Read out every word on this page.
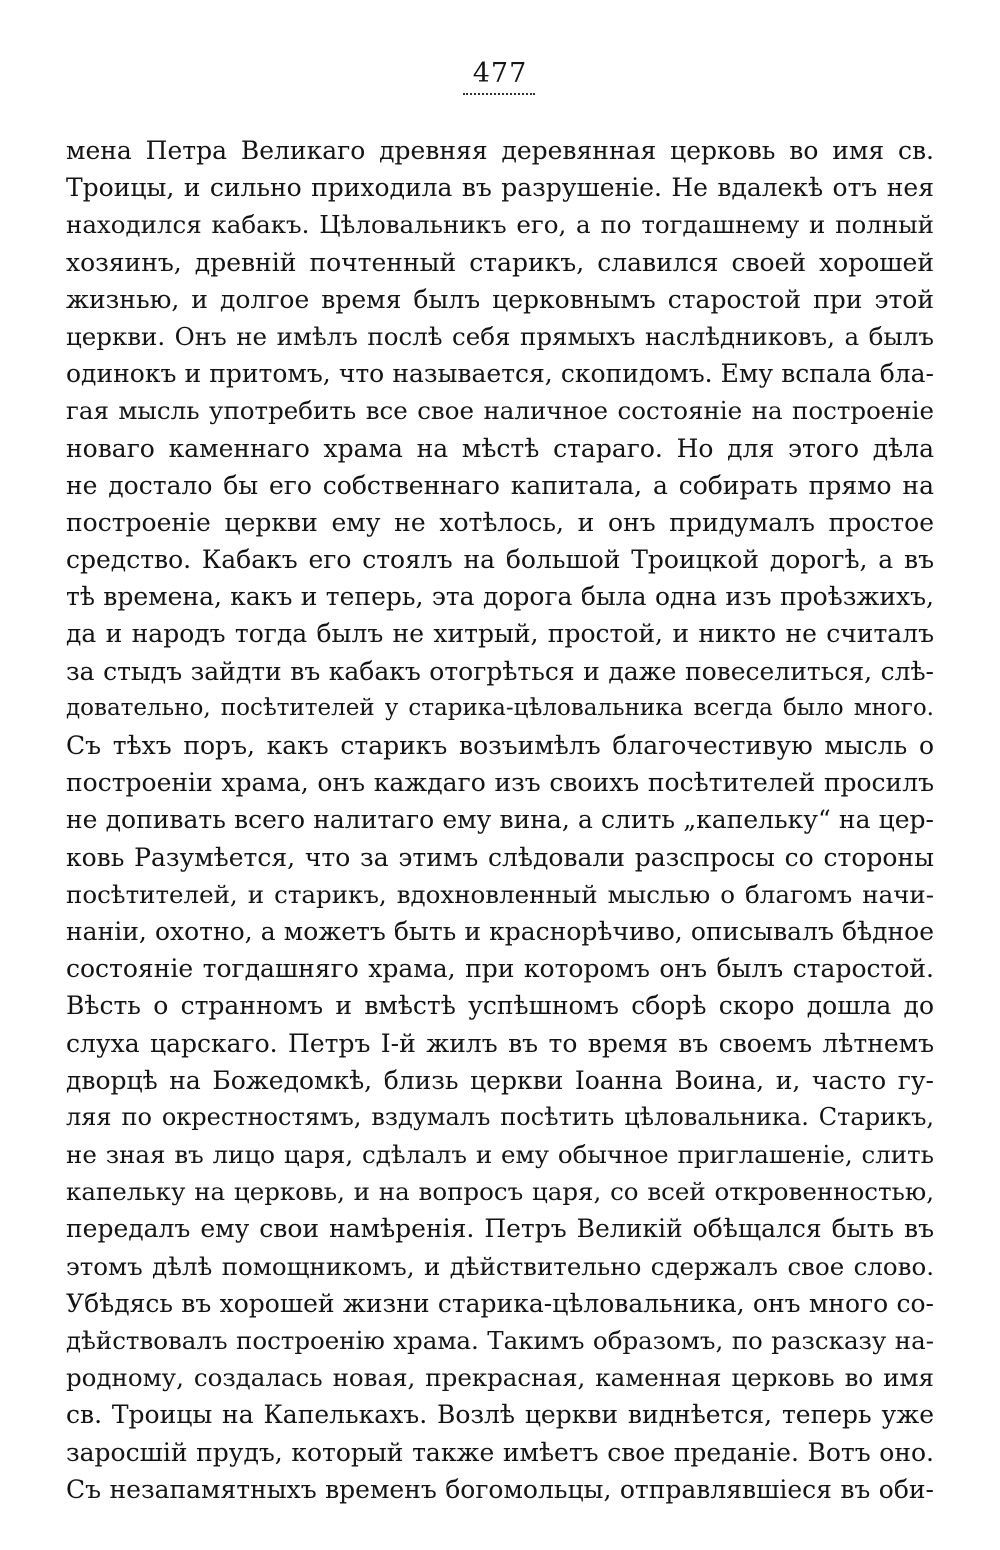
477
мена Петра Великаго древняя деревянная церковь во имя св.
Троицы, и сильно приходила въ разрушеніе. Не вдалекѣ отъ нея
находился кабакъ. Цѣловальникъ его, а по тогдашнему и полный
хозяинъ, древній почтенный старикъ, славился своей хорошей
жизнью, и долгое время былъ церковнымъ старостой при этой
церкви. Онъ не имѣлъ послѣ себя прямыхъ наслѣдниковъ, а былъ
одинокъ и притомъ, что называется, скопидомъ. Ему вспала бла-
гая мысль употребить все свое наличное состояніе на построеніе
новаго каменнаго храма на мѣстѣ стараго. Но для этого дѣла
не достало бы его собственнаго капитала, а собирать прямо на
построеніе церкви ему не хотѣлось, и онъ придумалъ простое
средство. Кабакъ его стоялъ на большой Троицкой дорогѣ, а въ
тѣ времена, какъ и теперь, эта дорога была одна изъ проѣзжихъ,
да и народъ тогда былъ не хитрый, простой, и никто не считалъ
за стыдъ зайдти въ кабакъ отогрѣться и даже повеселиться, слѣ-
довательно, посѣтителей у старика-цѣловальника всегда было много.
Съ тѣхъ поръ, какъ старикъ возъимѣлъ благочестивую мысль о
построеніи храма, онъ каждаго изъ своихъ посѣтителей просилъ
не допивать всего налитаго ему вина, а слить „капельку“ на цер-
ковь Разумѣется, что за этимъ слѣдовали разспросы со стороны
посѣтителей, и старикъ, вдохновленный мыслью о благомъ начи-
наніи, охотно, а можетъ быть и краснорѣчиво, описывалъ бѣдное
состояніе тогдашняго храма, при которомъ онъ былъ старостой.
Вѣсть о странномъ и вмѣстѣ успѣшномъ сборѣ скоро дошла до
слуха царскаго. Петръ I-й жилъ въ то время въ своемъ лѣтнемъ
дворцѣ на Божедомкѣ, близь церкви Іоанна Воина, и, часто гу-
ляя по окрестностямъ, вздумалъ посѣтить цѣловальника. Старикъ,
не зная въ лицо царя, сдѣлалъ и ему обычное приглашеніе, слить
капельку на церковь, и на вопросъ царя, со всей откровенностью,
передалъ ему свои намѣренія. Петръ Великій обѣщался быть въ
этомъ дѣлѣ помощникомъ, и дѣйствительно сдержалъ свое слово.
Убѣдясь въ хорошей жизни старика-цѣловальника, онъ много со-
дѣйствовалъ построенію храма. Такимъ образомъ, по разсказу на-
родному, создалась новая, прекрасная, каменная церковь во имя
св. Троицы на Капелькахъ. Возлѣ церкви виднѣется, теперь уже
заросшій прудъ, который также имѣетъ свое преданіе. Вотъ оно.
Съ незапамятныхъ временъ богомольцы, отправлявшіеся въ оби-
